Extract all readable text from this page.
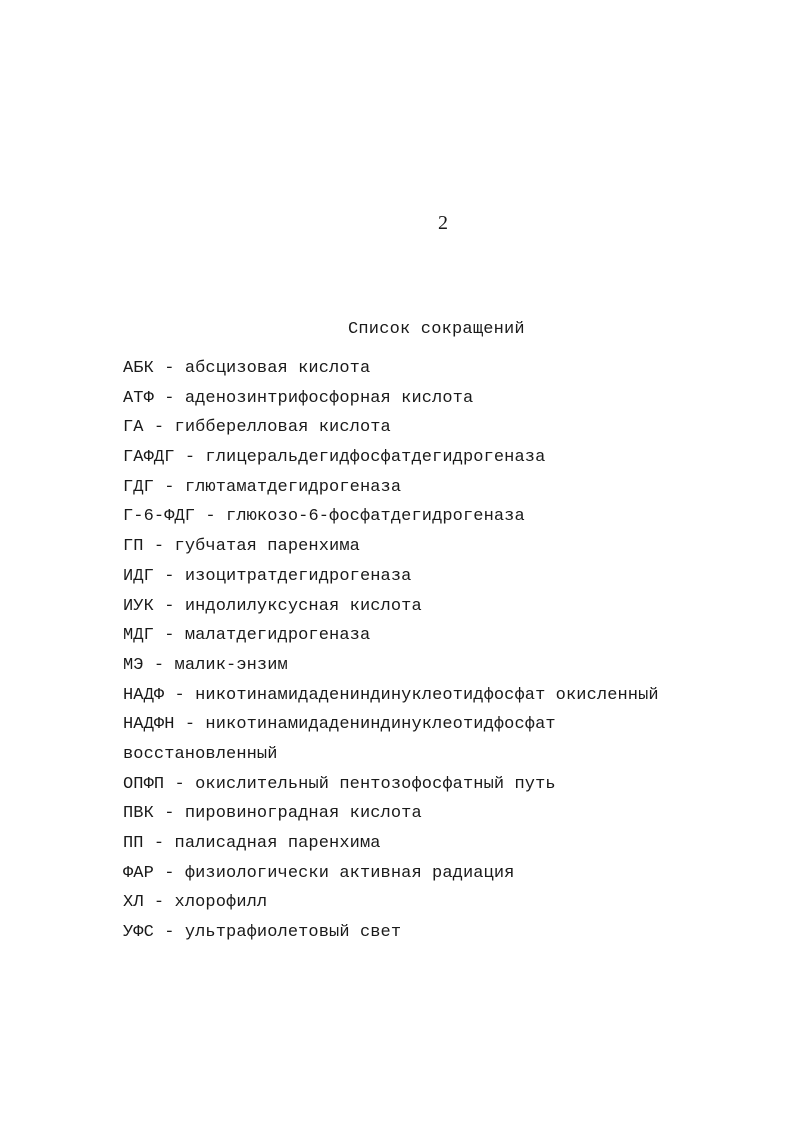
2
Список сокращений
АБК - абсцизовая кислота
АТФ - аденозинтрифосфорная кислота
ГА - гибберелловая кислота
ГАФДГ - глицеральдегидфосфатдегидрогеназа
ГДГ - глютаматдегидрогеназа
Г-6-ФДГ - глюкозо-6-фосфатдегидрогеназа
ГП - губчатая паренхима
ИДГ - изоцитратдегидрогеназа
ИУК - индолилуксусная кислота
МДГ - малатдегидрогеназа
МЭ - малик-энзим
НАДФ - никотинамидадениндинуклеотидфосфат окисленный
НАДФН - никотинамидадениндинуклеотидфосфат
восстановленный
ОПФП - окислительный пентозофосфатный путь
ПВК - пировиноградная кислота
ПП - палисадная паренхима
ФАР - физиологически активная радиация
ХЛ - хлорофилл
УФС - ультрафиолетовый свет
